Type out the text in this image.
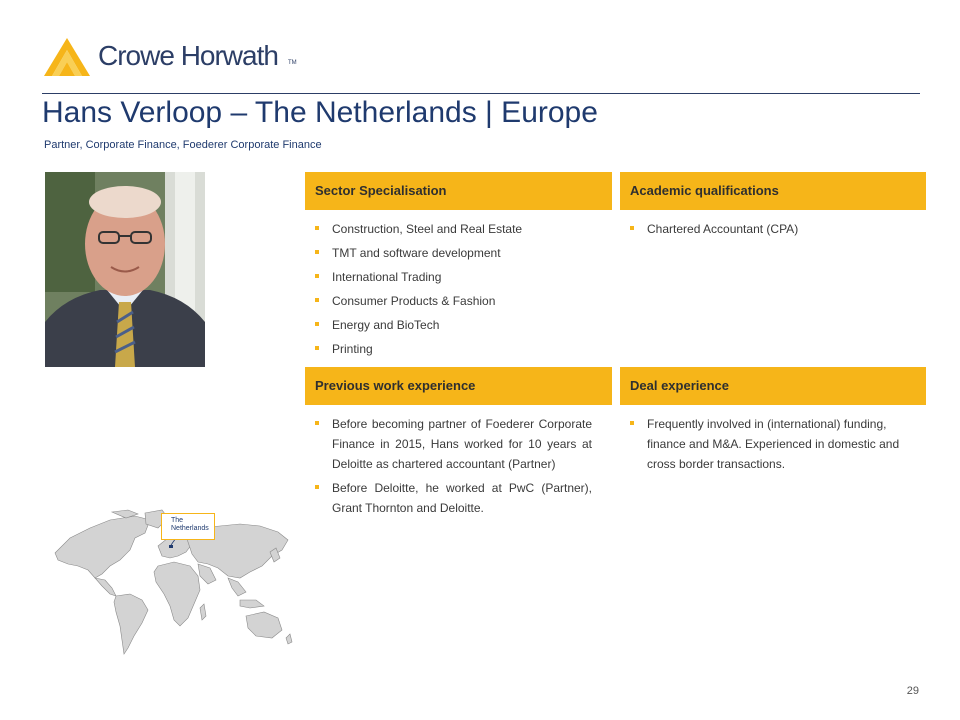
Crowe Horwath TM
Hans Verloop – The Netherlands | Europe
Partner, Corporate Finance, Foederer Corporate Finance
Sector Specialisation
Construction, Steel and Real Estate
TMT and software development
International Trading
Consumer Products & Fashion
Energy and BioTech
Printing
Academic qualifications
Chartered Accountant (CPA)
Previous work experience
Before becoming partner of Foederer Corporate Finance in 2015, Hans worked for 10 years at Deloitte as chartered accountant (Partner)
Before Deloitte, he worked at PwC (Partner), Grant Thornton and Deloitte.
Deal experience
Frequently involved in (international) funding, finance and M&A. Experienced in domestic and cross border transactions.
The Netherlands
29
